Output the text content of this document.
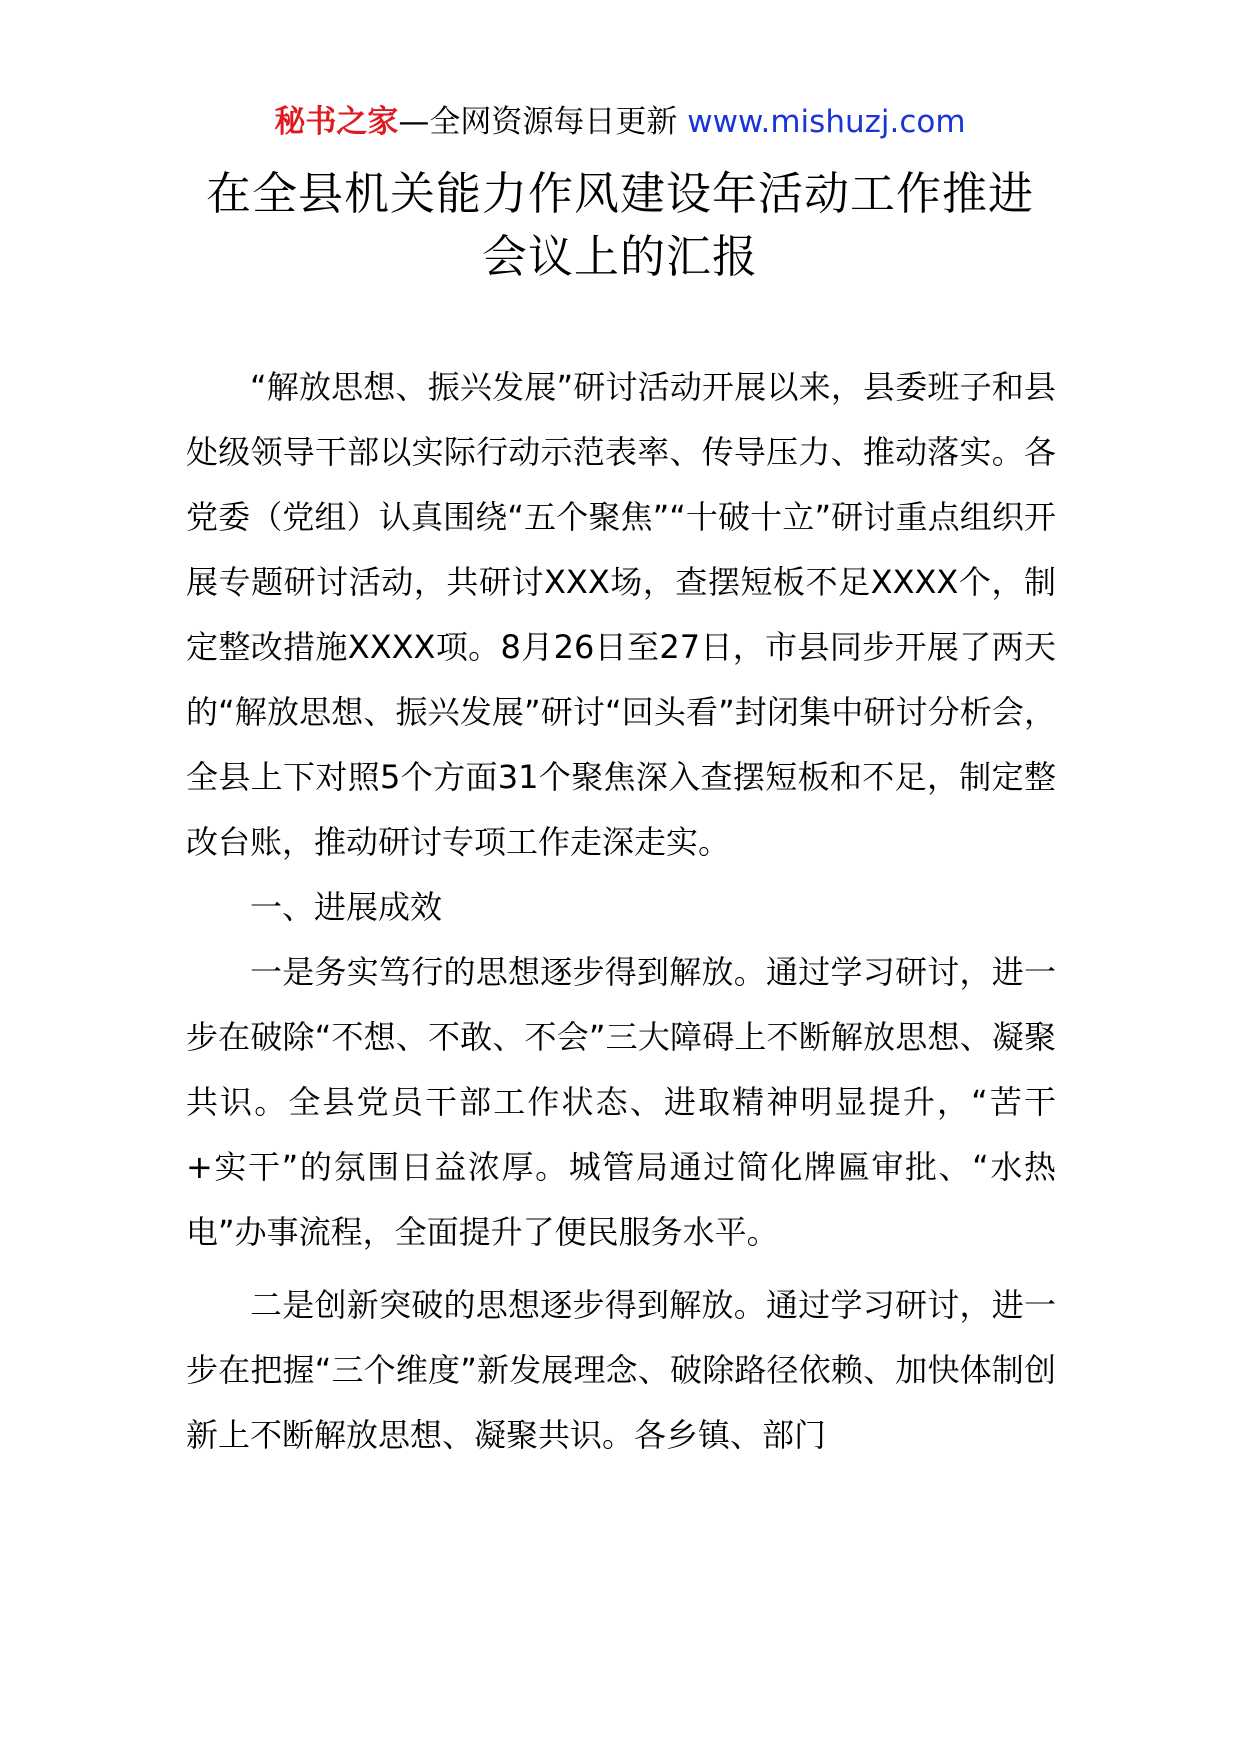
秘书之家—全网资源每日更新 www.mishuzj.com
在全县机关能力作风建设年活动工作推进
会议上的汇报

“解放思想、振兴发展”研讨活动开展以来，县委班子和县处级领导干部以实际行动示范表率、传导压力、推动落实。各党委（党组）认真围绕“五个聚焦”“十破十立”研讨重点组织开展专题研讨活动，共研讨XXX场，查摆短板不足XXXX个，制定整改措施XXXX项。8月26日至27日，市县同步开展了两天的“解放思想、振兴发展”研讨“回头看”封闭集中研讨分析会，全县上下对照5个方面31个聚焦深入查摆短板和不足，制定整改台账，推动研讨专项工作走深走实。

一、进展成效

一是务实笃行的思想逐步得到解放。通过学习研讨，进一步在破除“不想、不敢、不会”三大障碍上不断解放思想、凝聚共识。全县党员干部工作状态、进取精神明显提升，“苦干+实干”的氛围日益浓厚。城管局通过简化牌匾审批、“水热电”办事流程，全面提升了便民服务水平。

二是创新突破的思想逐步得到解放。通过学习研讨，进一步在把握“三个维度”新发展理念、破除路径依赖、加快体制创新上不断解放思想、凝聚共识。各乡镇、部门
